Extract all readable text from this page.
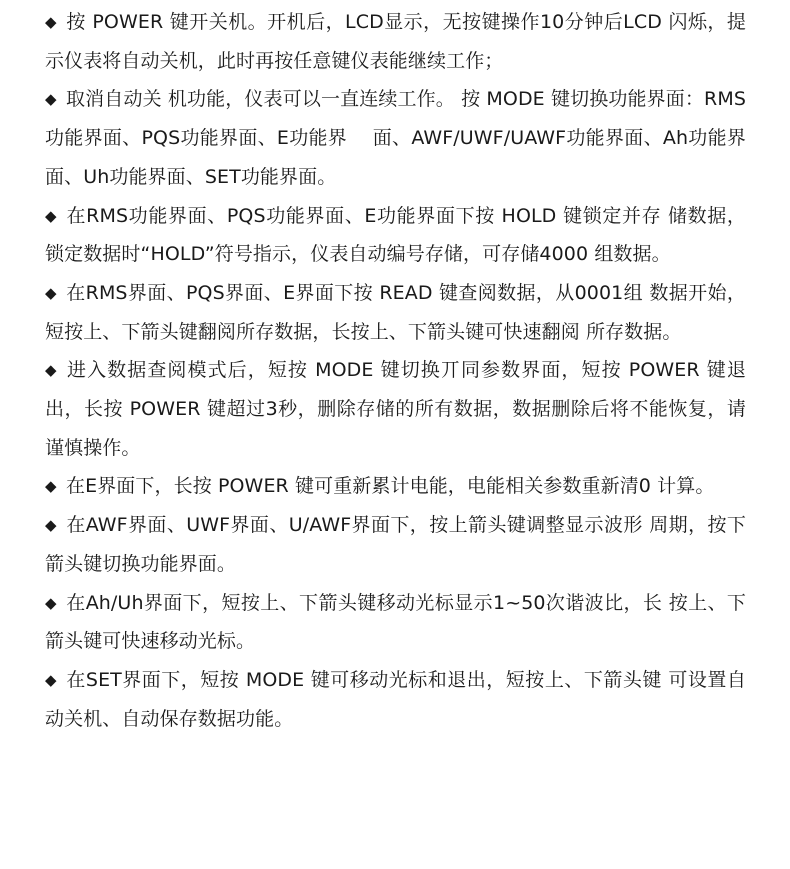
◆ 按 POWER 键开关机。开机后，LCD显示，无按键操作10分钟后LCD 闪烁，提示仪表将自动关机，此时再按任意键仪表能继续工作；

◆ 取消自动关 机功能，仪表可以一直连续工作。 按 MODE 键切换功能界面：RMS功能界面、PQS功能界面、E功能界　 面、AWF/UWF/UAWF功能界面、Ah功能界面、Uh功能界面、SET功能界面。

◆ 在RMS功能界面、PQS功能界面、E功能界面下按 HOLD 键锁定并存 储数据，锁定数据时“HOLD”符号指示，仪表自动编号存储，可存储4000 组数据。

◆ 在RMS界面、PQS界面、E界面下按 READ 键查阅数据，从0001组 数据开始，短按上、下箭头键翻阅所存数据，长按上、下箭头键可快速翻阅 所存数据。

◆ 进入数据查阅模式后，短按 MODE 键切换丌同参数界面，短按 POWER 键退出，长按 POWER 键超过3秒，删除存储的所有数据，数据删除后将不能恢复，请谨慎操作。

◆ 在E界面下，长按 POWER 键可重新累计电能，电能相关参数重新清0 计算。

◆ 在AWF界面、UWF界面、U/AWF界面下，按上箭头键调整显示波形 周期，按下箭头键切换功能界面。

◆ 在Ah/Uh界面下，短按上、下箭头键移动光标显示1~50次谐波比，长 按上、下箭头键可快速移动光标。

◆ 在SET界面下，短按 MODE 键可移动光标和退出，短按上、下箭头键 可设置自动关机、自动保存数据功能。
